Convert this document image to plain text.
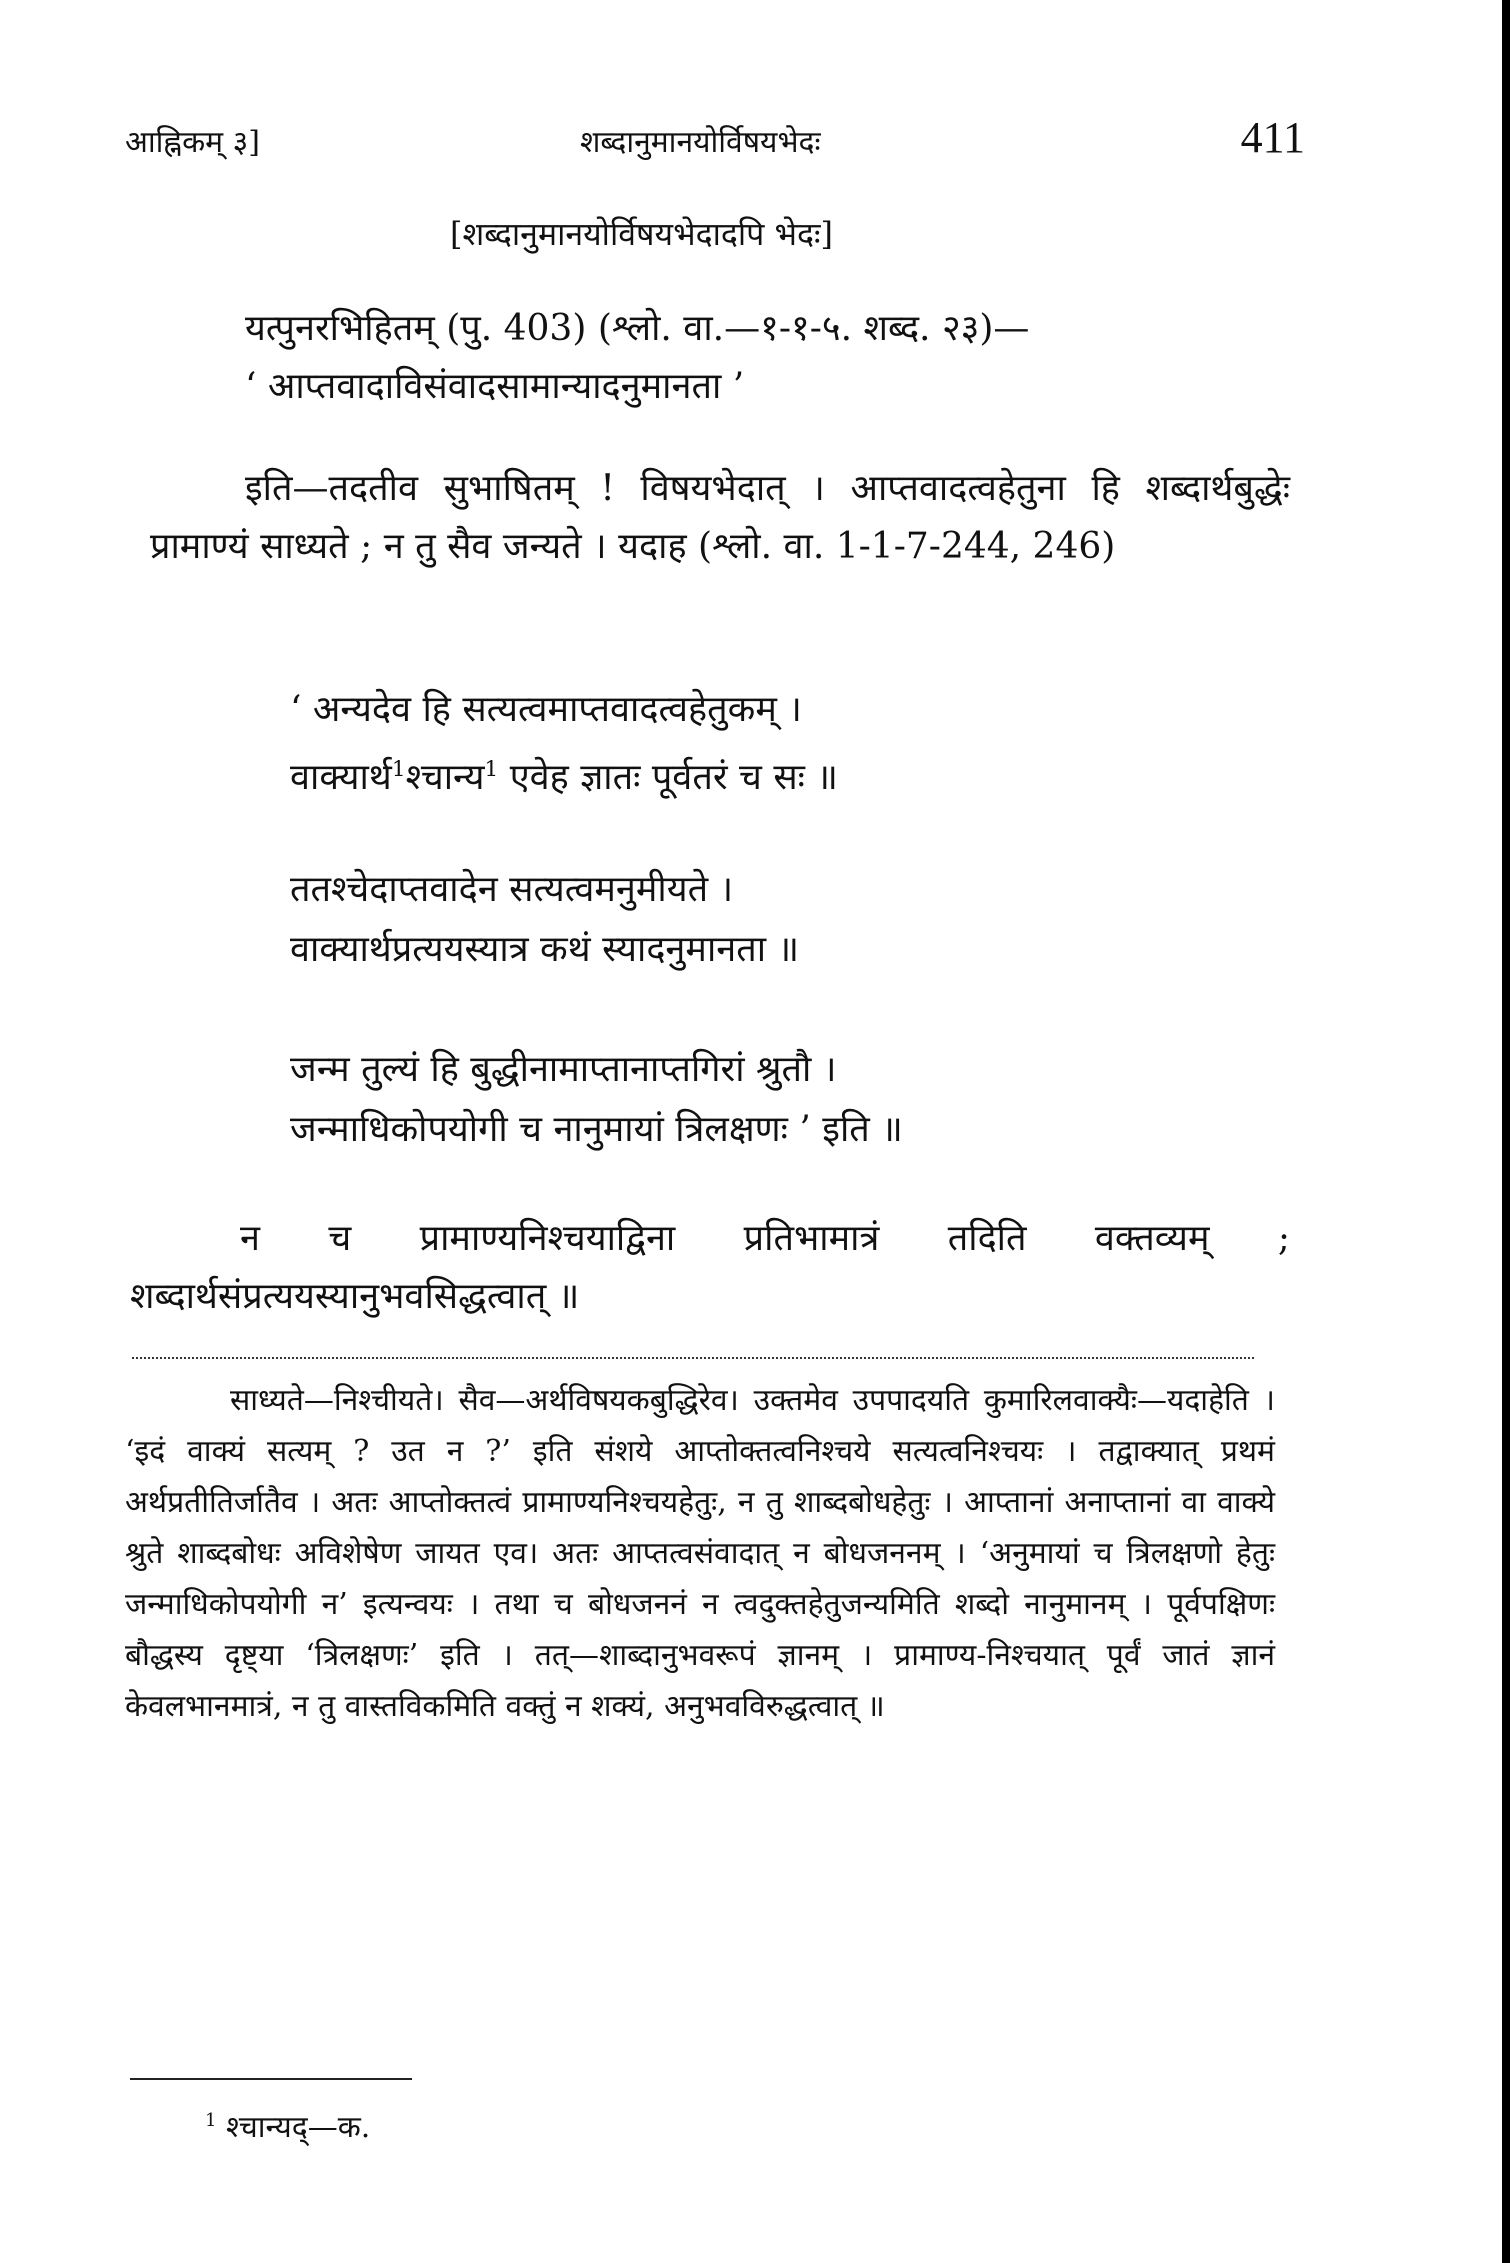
आह्निकम् ३]	शब्दानुमानयोर्विषयभेदः	411
[शब्दानुमानयोर्विषयभेदादपि भेदः]
यत्पुनरभिहितम् (पु. 403) (श्लो. वा.—१-१-५. शब्द. २३)—
‘ आप्तवादाविसंवादसामान्यादनुमानता ’
इति—तदतीव सुभाषितम् ! विषयभेदात् । आप्तवादत्वहेतुना हि शब्दार्थबुद्धेः प्रामाण्यं साध्यते ; न तु सैव जन्यते । यदाह (श्लो. वा. 1-1-7-244, 246)
‘ अन्यदेव हि सत्यत्वमाप्तवादत्वहेतुकम् ।
वाक्यार्थ$^1$श्चान्य$^1$ एवेह ज्ञातः पूर्वतरं च सः ॥
ततश्चेदाप्तवादेन सत्यत्वमनुमीयते ।
वाक्यार्थप्रत्ययस्यात्र कथं स्यादनुमानता ॥
जन्म तुल्यं हि बुद्धीनामाप्तानाप्तगिरां श्रुतौ ।
जन्माधिकोपयोगी च नानुमायां त्रिलक्षणः ’ इति ॥
न च प्रामाण्यनिश्चयाद्विना प्रतिभामात्रं तदिति वक्तव्यम् ; शब्दार्थसंप्रत्ययस्यानुभवसिद्धत्वात् ॥

साध्यते—निश्चीयते। सैव—अर्थविषयकबुद्धिरेव। उक्तमेव उपपादयति कुमारिलवाक्यैः—यदाहेति । ‘इदं वाक्यं सत्यम् ? उत न ?’ इति संशये आप्तोक्तत्वनिश्चये सत्यत्वनिश्चयः । तद्वाक्यात् प्रथमं अर्थप्रतीतिर्जातैव । अतः आप्तोक्तत्वं प्रामाण्यनिश्चयहेतुः, न तु शाब्दबोधहेतुः । आप्तानां अनाप्तानां वा वाक्ये श्रुते शाब्दबोधः अविशेषेण जायत एव। अतः आप्तत्वसंवादात् न बोधजननम् । ‘अनुमायां च त्रिलक्षणो हेतुः जन्माधिकोपयोगी न’ इत्यन्वयः । तथा च बोधजननं न त्वदुक्तहेतुजन्यमिति शब्दो नानुमानम् । पूर्वपक्षिणः बौद्धस्य दृष्ट्या ‘त्रिलक्षणः’ इति । तत्—शाब्दानुभवरूपं ज्ञानम् । प्रामाण्य-निश्चयात् पूर्वं जातं ज्ञानं केवलभानमात्रं, न तु वास्तविकमिति वक्तुं न शक्यं, अनुभवविरुद्धत्वात् ॥

$^1$ श्चान्यद्—क.
